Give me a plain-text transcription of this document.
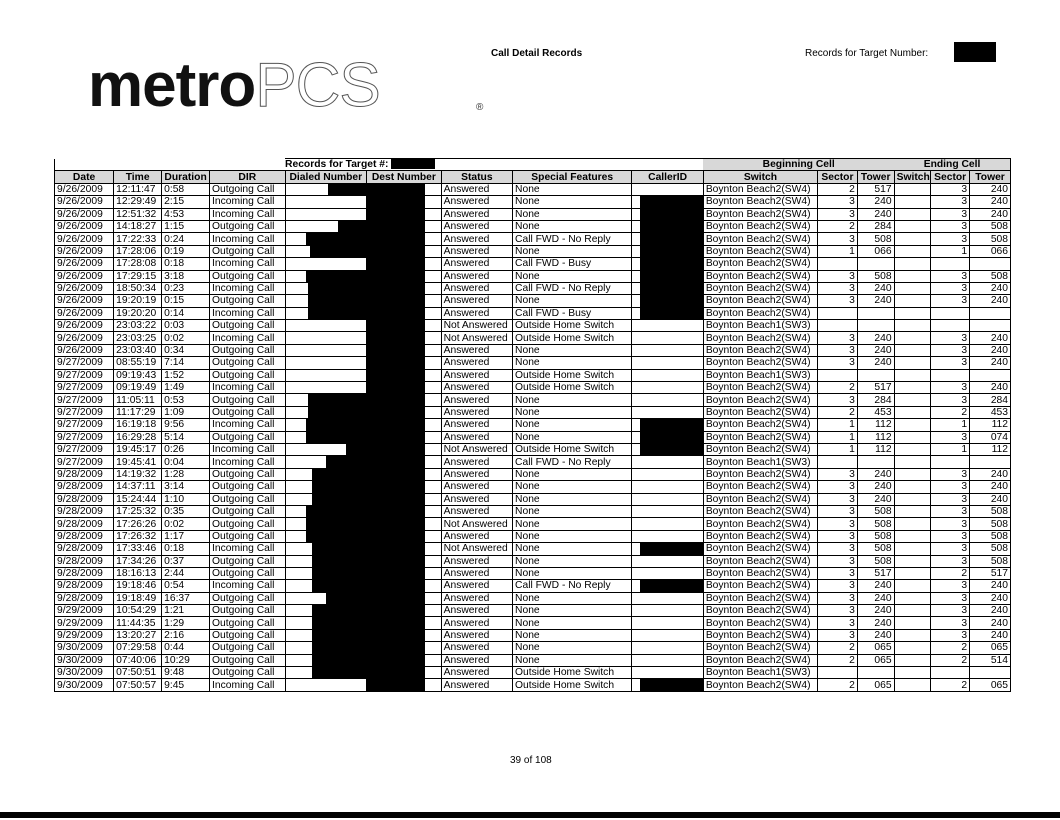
metroPCS	®
Call Detail Records	Records for Target Number:
				Records for Target #:					Beginning Cell			Ending Cell		
Date	Time	Duration	DIR	Dialed Number	Dest Number	Status	Special Features	CallerID	Switch	Sector	Tower	Switch	Sector	Tower
9/26/2009	12:11:47	0:58	Outgoing Call			Answered	None		Boynton Beach2(SW4)	2	517		3	240
9/26/2009	12:29:49	2:15	Incoming Call			Answered	None		Boynton Beach2(SW4)	3	240		3	240
9/26/2009	12:51:32	4:53	Incoming Call			Answered	None		Boynton Beach2(SW4)	3	240		3	240
9/26/2009	14:18:27	1:15	Outgoing Call			Answered	None		Boynton Beach2(SW4)	2	284		3	508
9/26/2009	17:22:33	0:24	Incoming Call			Answered	Call FWD - No Reply		Boynton Beach2(SW4)	3	508		3	508
9/26/2009	17:28:06	0:19	Outgoing Call			Answered	None		Boynton Beach2(SW4)	1	066		1	066
9/26/2009	17:28:08	0:18	Incoming Call			Answered	Call FWD - Busy		Boynton Beach2(SW4)					
9/26/2009	17:29:15	3:18	Outgoing Call			Answered	None		Boynton Beach2(SW4)	3	508		3	508
9/26/2009	18:50:34	0:23	Incoming Call			Answered	Call FWD - No Reply		Boynton Beach2(SW4)	3	240		3	240
9/26/2009	19:20:19	0:15	Outgoing Call			Answered	None		Boynton Beach2(SW4)	3	240		3	240
9/26/2009	19:20:20	0:14	Incoming Call			Answered	Call FWD - Busy		Boynton Beach2(SW4)					
9/26/2009	23:03:22	0:03	Outgoing Call			Not Answered	Outside Home Switch		Boynton Beach1(SW3)					
9/26/2009	23:03:25	0:02	Incoming Call			Not Answered	Outside Home Switch		Boynton Beach2(SW4)	3	240		3	240
9/26/2009	23:03:40	0:34	Outgoing Call			Answered	None		Boynton Beach2(SW4)	3	240		3	240
9/27/2009	08:55:19	7:14	Outgoing Call			Answered	None		Boynton Beach2(SW4)	3	240		3	240
9/27/2009	09:19:43	1:52	Outgoing Call			Answered	Outside Home Switch		Boynton Beach1(SW3)					
9/27/2009	09:19:49	1:49	Incoming Call			Answered	Outside Home Switch		Boynton Beach2(SW4)	2	517		3	240
9/27/2009	11:05:11	0:53	Outgoing Call			Answered	None		Boynton Beach2(SW4)	3	284		3	284
9/27/2009	11:17:29	1:09	Outgoing Call			Answered	None		Boynton Beach2(SW4)	2	453		2	453
9/27/2009	16:19:18	9:56	Incoming Call			Answered	None		Boynton Beach2(SW4)	1	112		1	112
9/27/2009	16:29:28	5:14	Outgoing Call			Answered	None		Boynton Beach2(SW4)	1	112		3	074
9/27/2009	19:45:17	0:26	Incoming Call			Not Answered	Outside Home Switch		Boynton Beach2(SW4)	1	112		1	112
9/27/2009	19:45:41	0:04	Incoming Call			Answered	Call FWD - No Reply		Boynton Beach1(SW3)					
9/28/2009	14:19:32	1:28	Outgoing Call			Answered	None		Boynton Beach2(SW4)	3	240		3	240
9/28/2009	14:37:11	3:14	Outgoing Call			Answered	None		Boynton Beach2(SW4)	3	240		3	240
9/28/2009	15:24:44	1:10	Outgoing Call			Answered	None		Boynton Beach2(SW4)	3	240		3	240
9/28/2009	17:25:32	0:35	Outgoing Call			Answered	None		Boynton Beach2(SW4)	3	508		3	508
9/28/2009	17:26:26	0:02	Outgoing Call			Not Answered	None		Boynton Beach2(SW4)	3	508		3	508
9/28/2009	17:26:32	1:17	Outgoing Call			Answered	None		Boynton Beach2(SW4)	3	508		3	508
9/28/2009	17:33:46	0:18	Incoming Call			Not Answered	None		Boynton Beach2(SW4)	3	508		3	508
9/28/2009	17:34:26	0:37	Outgoing Call			Answered	None		Boynton Beach2(SW4)	3	508		3	508
9/28/2009	18:16:13	2:44	Outgoing Call			Answered	None		Boynton Beach2(SW4)	3	517		2	517
9/28/2009	19:18:46	0:54	Incoming Call			Answered	Call FWD - No Reply		Boynton Beach2(SW4)	3	240		3	240
9/28/2009	19:18:49	16:37	Outgoing Call			Answered	None		Boynton Beach2(SW4)	3	240		3	240
9/29/2009	10:54:29	1:21	Outgoing Call			Answered	None		Boynton Beach2(SW4)	3	240		3	240
9/29/2009	11:44:35	1:29	Outgoing Call			Answered	None		Boynton Beach2(SW4)	3	240		3	240
9/29/2009	13:20:27	2:16	Outgoing Call			Answered	None		Boynton Beach2(SW4)	3	240		3	240
9/30/2009	07:29:58	0:44	Outgoing Call			Answered	None		Boynton Beach2(SW4)	2	065		2	065
9/30/2009	07:40:06	10:29	Outgoing Call			Answered	None		Boynton Beach2(SW4)	2	065		2	514
9/30/2009	07:50:51	9:48	Outgoing Call			Answered	Outside Home Switch		Boynton Beach1(SW3)					
9/30/2009	07:50:57	9:45	Incoming Call			Answered	Outside Home Switch		Boynton Beach2(SW4)	2	065		2	065
39 of 108
